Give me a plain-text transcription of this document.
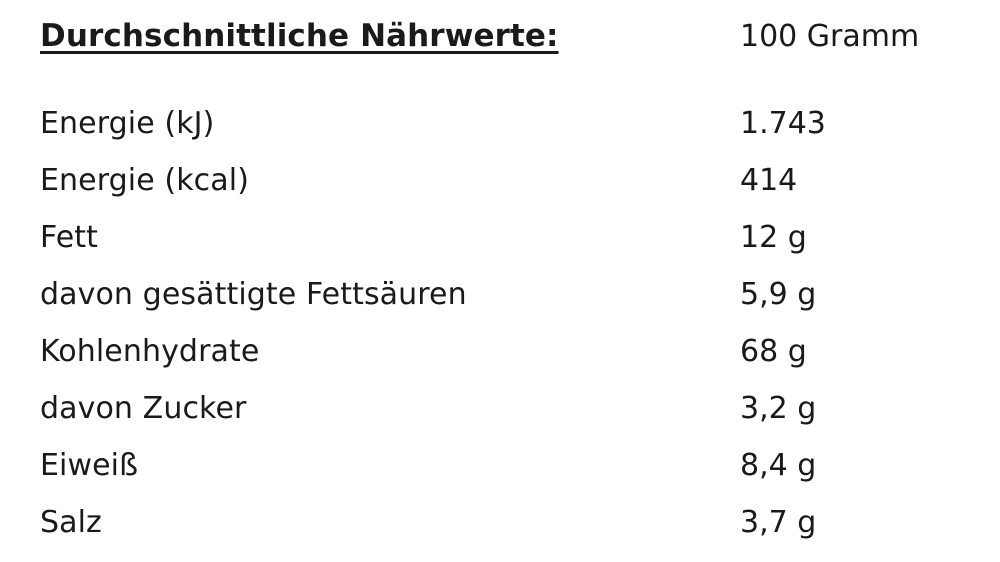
Durchschnittliche Nährwerte:	100 Gramm

Energie (kJ)	1.743
Energie (kcal)	414
Fett	12 g
davon gesättigte Fettsäuren	5,9 g
Kohlenhydrate	68 g
davon Zucker	3,2 g
Eiweiß	8,4 g
Salz	3,7 g
